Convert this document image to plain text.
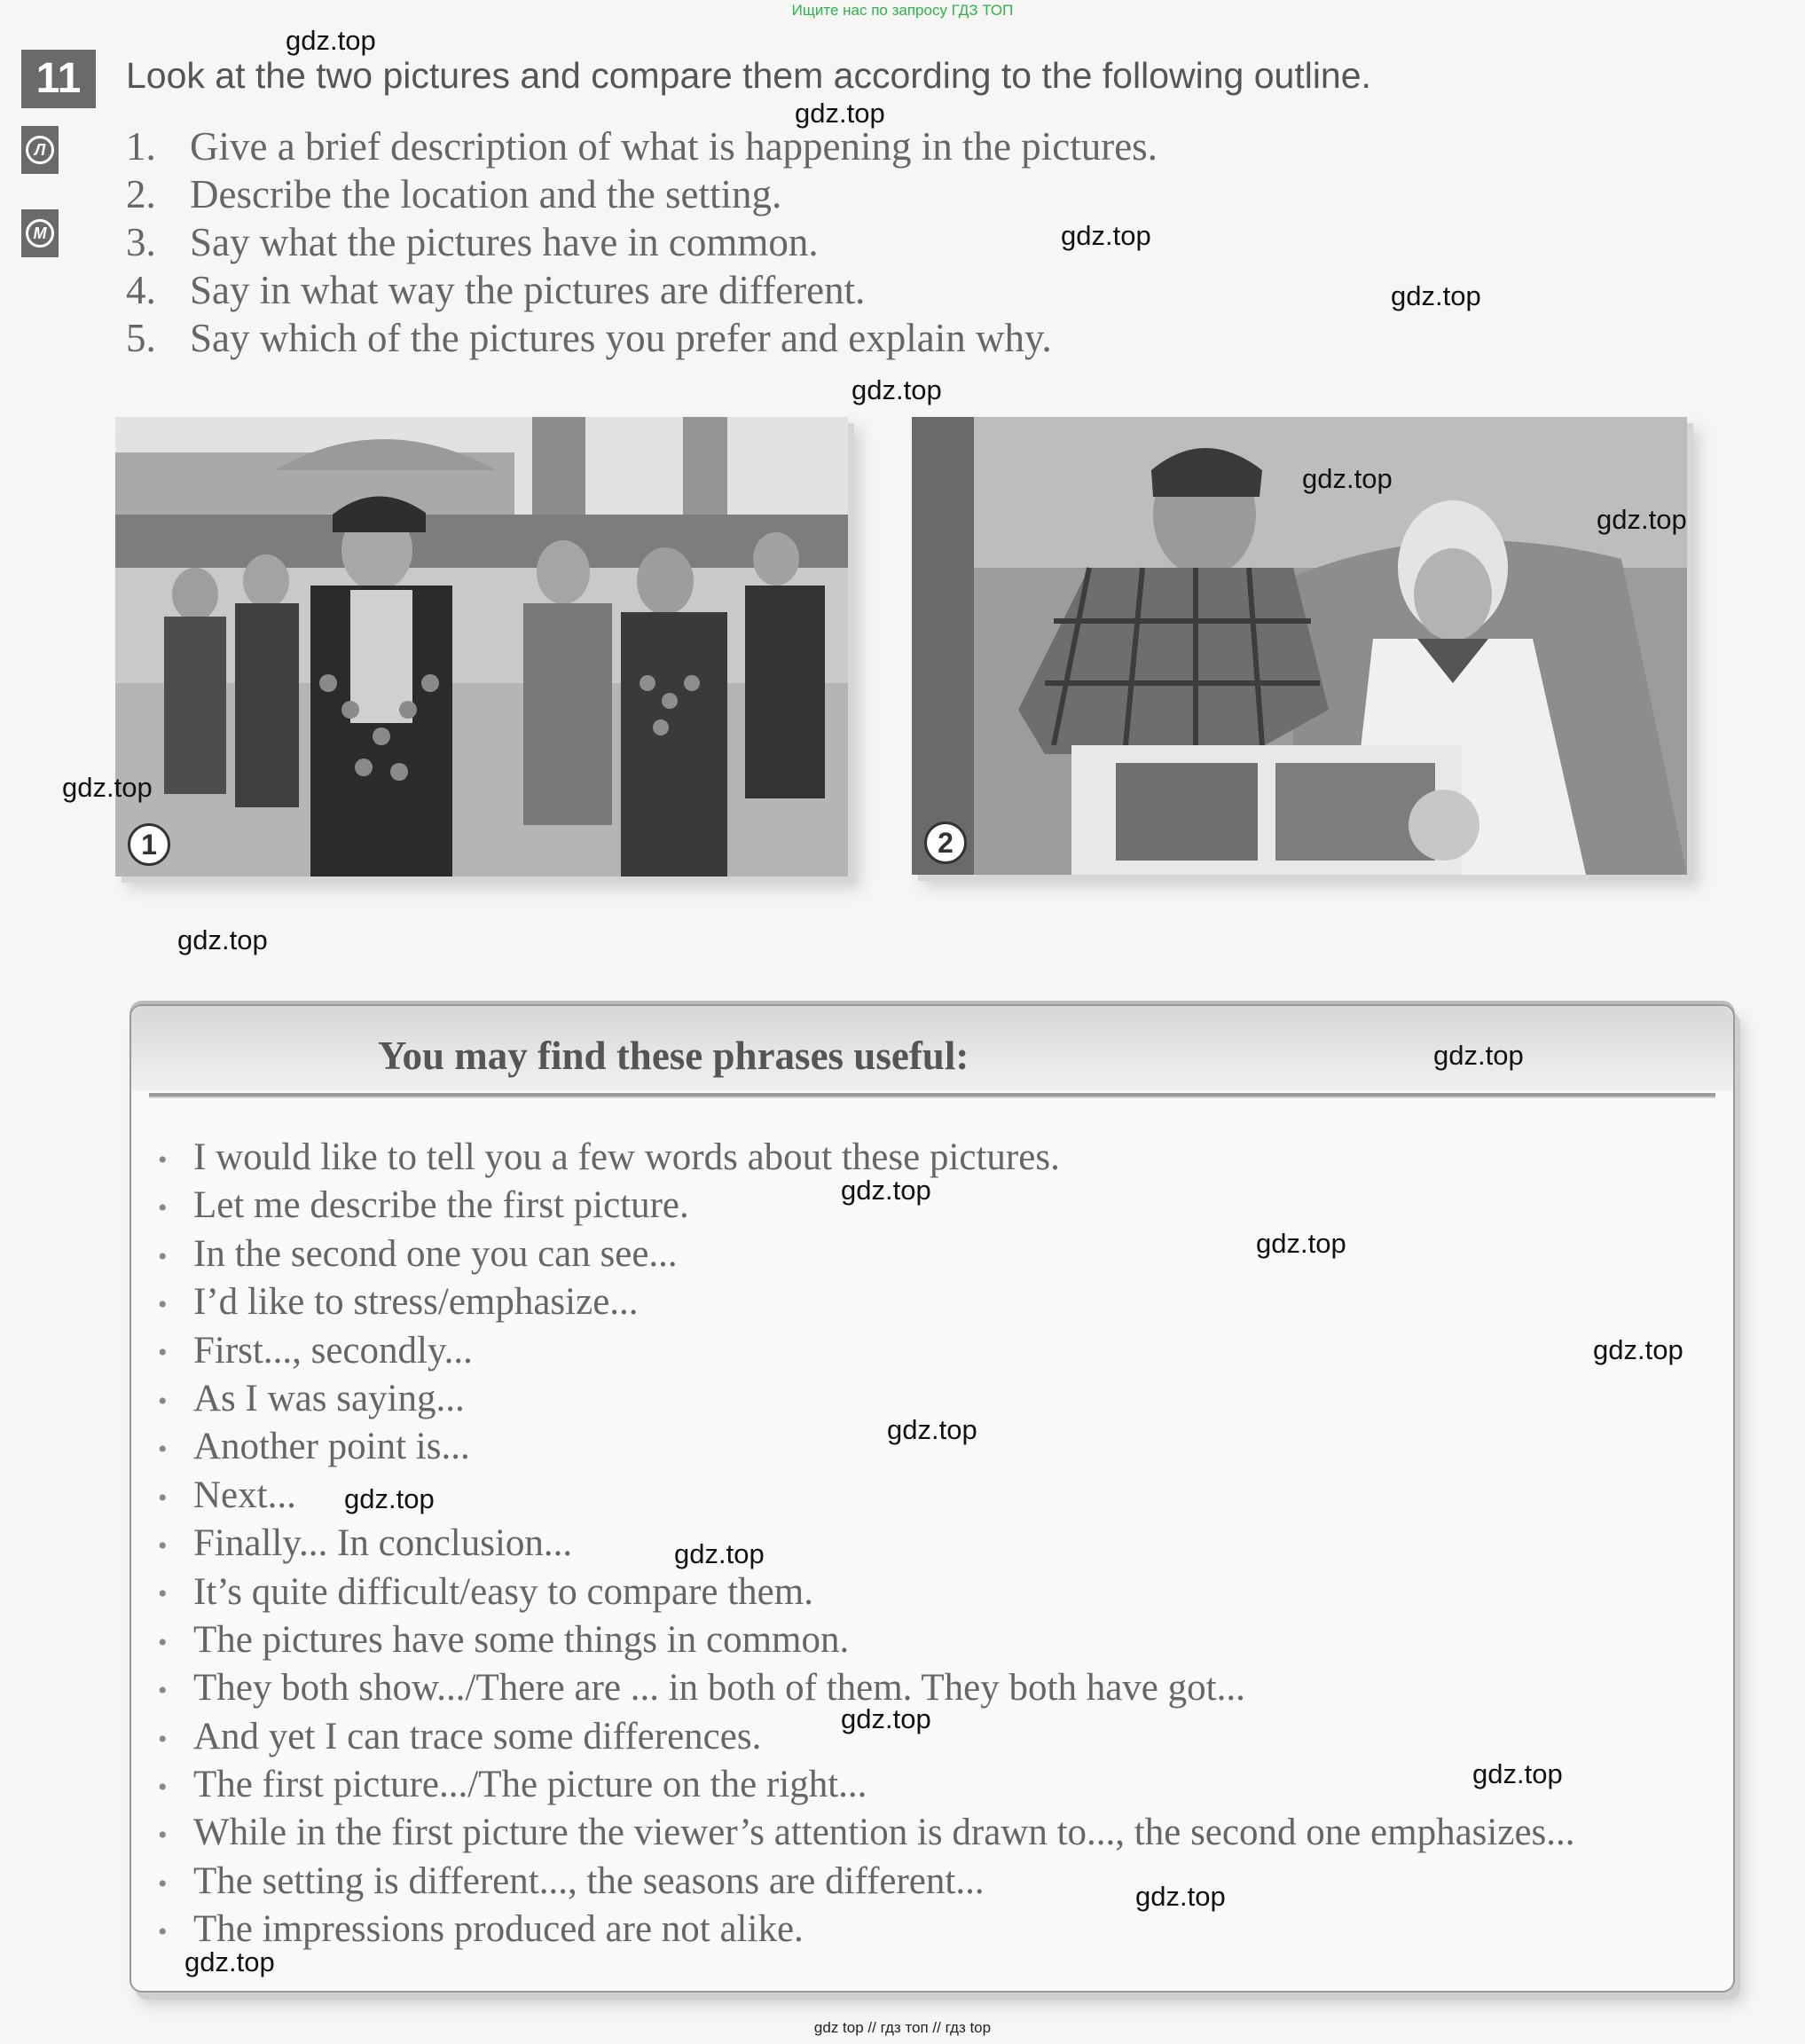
Ищите нас по запросу ГДЗ ТОП
11
Л
М
Look at the two pictures and compare them according to the following outline.
1. Give a brief description of what is happening in the pictures.
2. Describe the location and the setting.
3. Say what the pictures have in common.
4. Say in what way the pictures are different.
5. Say which of the pictures you prefer and explain why.
1	2
You may find these phrases useful:
• I would like to tell you a few words about these pictures.
• Let me describe the first picture.
• In the second one you can see...
• I’d like to stress/emphasize...
• First..., secondly...
• As I was saying...
• Another point is...
• Next...
• Finally... In conclusion...
• It’s quite difficult/easy to compare them.
• The pictures have some things in common.
• They both show.../There are ... in both of them. They both have got...
• And yet I can trace some differences.
• The first picture.../The picture on the right...
• While in the first picture the viewer’s attention is drawn to..., the second one emphasizes...
• The setting is different..., the seasons are different...
• The impressions produced are not alike.
gdz.top
gdz.top
gdz.top
gdz.top
gdz.top
gdz.top
gdz.top
gdz.top
gdz.top
gdz.top
gdz.top
gdz.top
gdz.top
gdz.top
gdz.top
gdz.top
gdz.top
gdz.top
gdz.top
gdz.top
gdz top // гдз топ // гдз top
